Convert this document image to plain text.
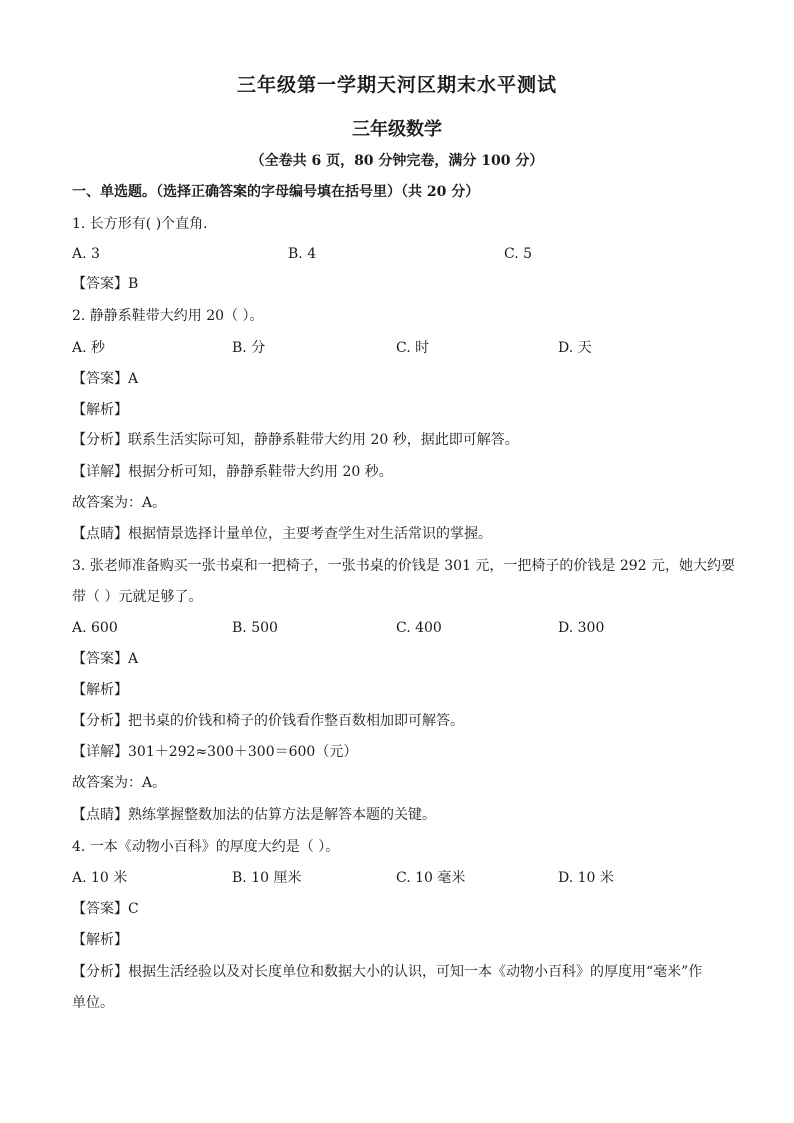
三年级第一学期天河区期末水平测试
三年级数学
（全卷共 6 页，80 分钟完卷，满分 100 分）
一、单选题。（选择正确答案的字母编号填在括号里）（共 20 分）
1. 长方形有( )个直角．
A. 3	B. 4	C. 5
【答案】B
2. 静静系鞋带大约用 20（ ）。
A. 秒	B. 分	C. 时	D. 天
【答案】A
【解析】
【分析】联系生活实际可知，静静系鞋带大约用 20 秒，据此即可解答。
【详解】根据分析可知，静静系鞋带大约用 20 秒。
故答案为：A。
【点睛】根据情景选择计量单位，主要考查学生对生活常识的掌握。
3. 张老师准备购买一张书桌和一把椅子，一张书桌的价钱是 301 元，一把椅子的价钱是 292 元，她大约要
带（ ）元就足够了。
A. 600	B. 500	C. 400	D. 300
【答案】A
【解析】
【分析】把书桌的价钱和椅子的价钱看作整百数相加即可解答。
【详解】301＋292≈300＋300＝600（元）
故答案为：A。
【点睛】熟练掌握整数加法的估算方法是解答本题的关键。
4. 一本《动物小百科》的厚度大约是（ ）。
A. 10 米	B. 10 厘米	C. 10 毫米	D. 10 米
【答案】C
【解析】
【分析】根据生活经验以及对长度单位和数据大小的认识，可知一本《动物小百科》的厚度用“毫米”作
单位。
